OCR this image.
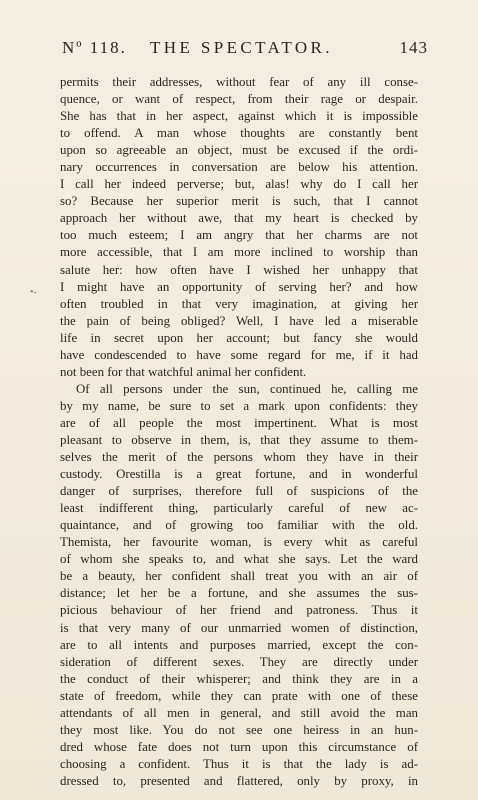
Nº 118. THE SPECTATOR.	143
•-
permits their addresses, without fear of any ill conse-
quence, or want of respect, from their rage or despair.
She has that in her aspect, against which it is impossible
to offend. A man whose thoughts are constantly bent
upon so agreeable an object, must be excused if the ordi-
nary occurrences in conversation are below his attention.
I call her indeed perverse; but, alas! why do I call her
so? Because her superior merit is such, that I cannot
approach her without awe, that my heart is checked by
too much esteem; I am angry that her charms are not
more accessible, that I am more inclined to worship than
salute her: how often have I wished her unhappy that
I might have an opportunity of serving her? and how
often troubled in that very imagination, at giving her
the pain of being obliged? Well, I have led a miserable
life in secret upon her account; but fancy she would
have condescended to have some regard for me, if it had
not been for that watchful animal her confident.
Of all persons under the sun, continued he, calling me
by my name, be sure to set a mark upon confidents: they
are of all people the most impertinent. What is most
pleasant to observe in them, is, that they assume to them-
selves the merit of the persons whom they have in their
custody. Orestilla is a great fortune, and in wonderful
danger of surprises, therefore full of suspicions of the
least indifferent thing, particularly careful of new ac-
quaintance, and of growing too familiar with the old.
Themista, her favourite woman, is every whit as careful
of whom she speaks to, and what she says. Let the ward
be a beauty, her confident shall treat you with an air of
distance; let her be a fortune, and she assumes the sus-
picious behaviour of her friend and patroness. Thus it
is that very many of our unmarried women of distinction,
are to all intents and purposes married, except the con-
sideration of different sexes. They are directly under
the conduct of their whisperer; and think they are in a
state of freedom, while they can prate with one of these
attendants of all men in general, and still avoid the man
they most like. You do not see one heiress in an hun-
dred whose fate does not turn upon this circumstance of
choosing a confident. Thus it is that the lady is ad-
dressed to, presented and flattered, only by proxy, in
